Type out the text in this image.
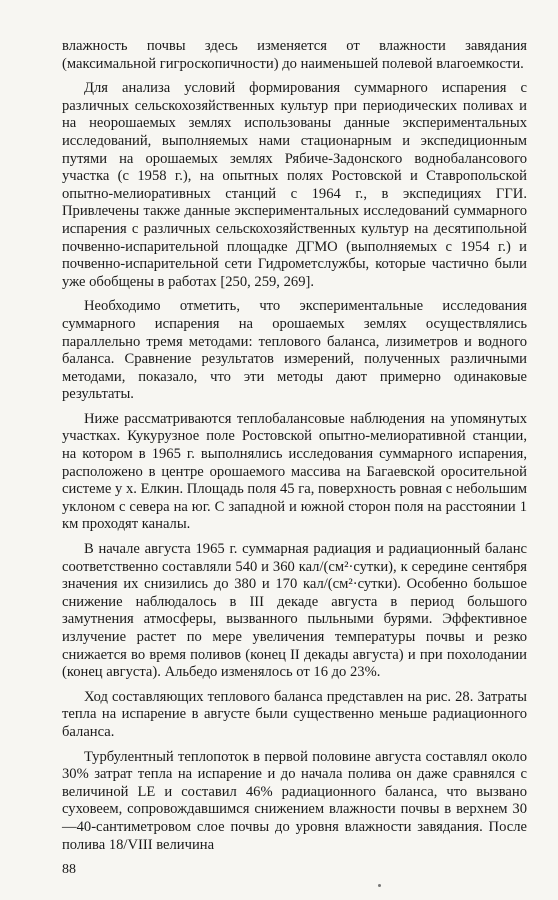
влажность почвы здесь изменяется от влажности завядания (максимальной гигроскопичности) до наименьшей полевой влагоемкости.

Для анализа условий формирования суммарного испарения с различных сельскохозяйственных культур при периодических поливах и на неорошаемых землях использованы данные экспериментальных исследований, выполняемых нами стационарным и экспедиционным путями на орошаемых землях Рябиче-Задонского воднобалансового участка (с 1958 г.), на опытных полях Ростовской и Ставропольской опытно-мелиоративных станций с 1964 г., в экспедициях ГГИ. Привлечены также данные экспериментальных исследований суммарного испарения с различных сельскохозяйственных культур на десятипольной почвенно-испарительной площадке ДГМО (выполняемых с 1954 г.) и почвенно-испарительной сети Гидрометслужбы, которые частично были уже обобщены в работах [250, 259, 269].

Необходимо отметить, что экспериментальные исследования суммарного испарения на орошаемых землях осуществлялись параллельно тремя методами: теплового баланса, лизиметров и водного баланса. Сравнение результатов измерений, полученных различными методами, показало, что эти методы дают примерно одинаковые результаты.

Ниже рассматриваются теплобалансовые наблюдения на упомянутых участках. Кукурузное поле Ростовской опытно-мелиоративной станции, на котором в 1965 г. выполнялись исследования суммарного испарения, расположено в центре орошаемого массива на Багаевской оросительной системе у х. Елкин. Площадь поля 45 га, поверхность ровная с небольшим уклоном с севера на юг. С западной и южной сторон поля на расстоянии 1 км проходят каналы.

В начале августа 1965 г. суммарная радиация и радиационный баланс соответственно составляли 540 и 360 кал/(см²·сутки), к середине сентября значения их снизились до 380 и 170 кал/(см²·сутки). Особенно большое снижение наблюдалось в III декаде августа в период большого замутнения атмосферы, вызванного пыльными бурями. Эффективное излучение растет по мере увеличения температуры почвы и резко снижается во время поливов (конец II декады августа) и при похолодании (конец августа). Альбедо изменялось от 16 до 23%.

Ход составляющих теплового баланса представлен на рис. 28. Затраты тепла на испарение в августе были существенно меньше радиационного баланса.

Турбулентный теплопоток в первой половине августа составлял около 30% затрат тепла на испарение и до начала полива он даже сравнялся с величиной LE и составил 46% радиационного баланса, что вызвано суховеем, сопровождавшимся снижением влажности почвы в верхнем 30—40-сантиметровом слое почвы до уровня влажности завядания. После полива 18/VIII величина

88
